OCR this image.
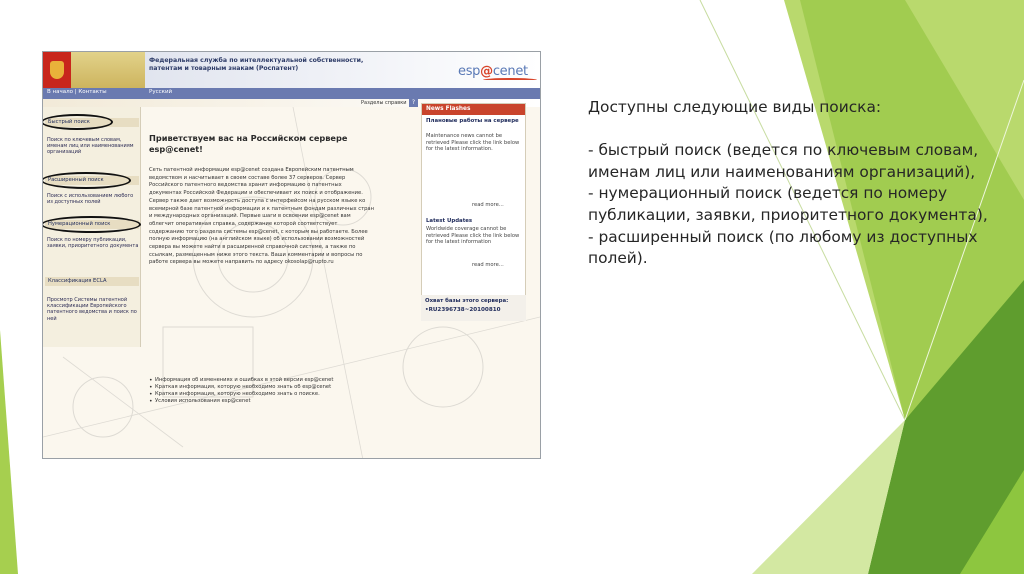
Федеральная служба по интеллектуальной собственности, патентам и товарным знакам (Роспатент)	esp@cenet
В начало | Контакты	Русский
Разделы справки ?
Быстрый поиск
Поиск по ключевым словам, именам лиц или наименованиям организаций
Расширенный поиск
Поиск с использованием любого из доступных полей
Нумерационный поиск
Поиск по номеру публикации, заявки, приоритетного документа
Классификация ECLA
Просмотр Системы патентной классификации Европейского патентного ведомства и поиск по ней
Приветствуем вас на Российском сервере esp@cenet!
Сеть патентной информации esp@cenet создана Европейским патентным ведомством и насчитывает в своем составе более 37 серверов. Сервер Российского патентного ведомства хранит информацию о патентных документах Российской Федерации и обеспечивает их поиск и отображение. Сервер также дает возможность доступа с интерфейсом на русском языке ко всемирной базе патентной информации и к патентным фондам различных стран и международных организаций. Первые шаги в освоении esp@cenet вам облегчит оперативная справка, содержание которой соответствует содержанию того раздела системы esp@cenet, с которым вы работаете. Более полную информацию (на английском языке) об использовании возможностей сервера вы можете найти в расширенной справочной системе, а также по ссылкам, размещенным ниже этого текста. Ваши комментарии и вопросы по работе сервера вы можете направить по адресу okosolap@rupto.ru
• Информация об изменениях и ошибках в этой версии esp@cenet
• Краткая информация, которую необходимо знать об esp@cenet
• Краткая информация, которую необходимо знать о поиске.
• Условия использования esp@cenet
News Flashes
Плановые работы на сервере
Maintenance news cannot be retrieved Please click the link below for the latest information.
read more...
Latest Updates
Worldwide coverage cannot be retrieved Please click the link below for the latest information
read more...
Охват базы этого сервера:
•RU2396738~20100810

Доступны следующие виды поиска:

- быстрый поиск (ведется по ключевым словам, именам лиц или наименованиям организаций),
- нумерационный поиск (ведется по номеру публикации, заявки, приоритетного документа),
- расширенный поиск (по любому из доступных полей).
